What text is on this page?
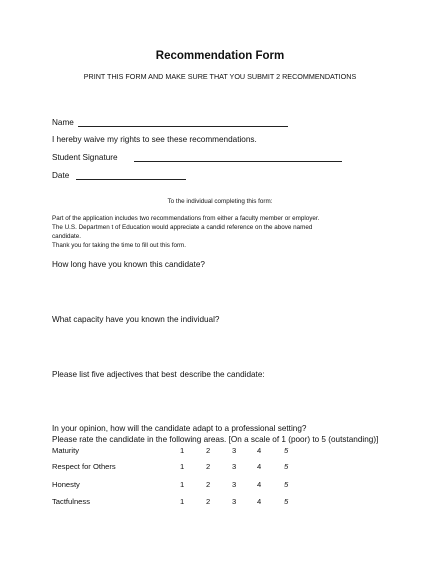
Recommendation Form
PRINT THIS FORM AND MAKE SURE THAT YOU SUBMIT 2 RECOMMENDATIONS
Name
I hereby waive my rights to see these recommendations.
Student Signature
Date
To the individual completing this form:
Part of the application includes two recommendations from either a faculty member or employer.
The U.S. Departmen t of Education would appreciate a candid reference on the above named
candidate.
Thank you for taking the time to fill out this form.
How long have you known this candidate?
What capacity have you known the individual?
Please list five adjectives that best describe the candidate:
In your opinion, how will the candidate adapt to a professional setting?
Please rate the candidate in the following areas. [On a scale of 1 (poor) to 5 (outstanding)]
Maturity	1	2	3	4	5
Respect for Others	1	2	3	4	5
Honesty	1	2	3	4	5
Tactfulness	1	2	3	4	5
